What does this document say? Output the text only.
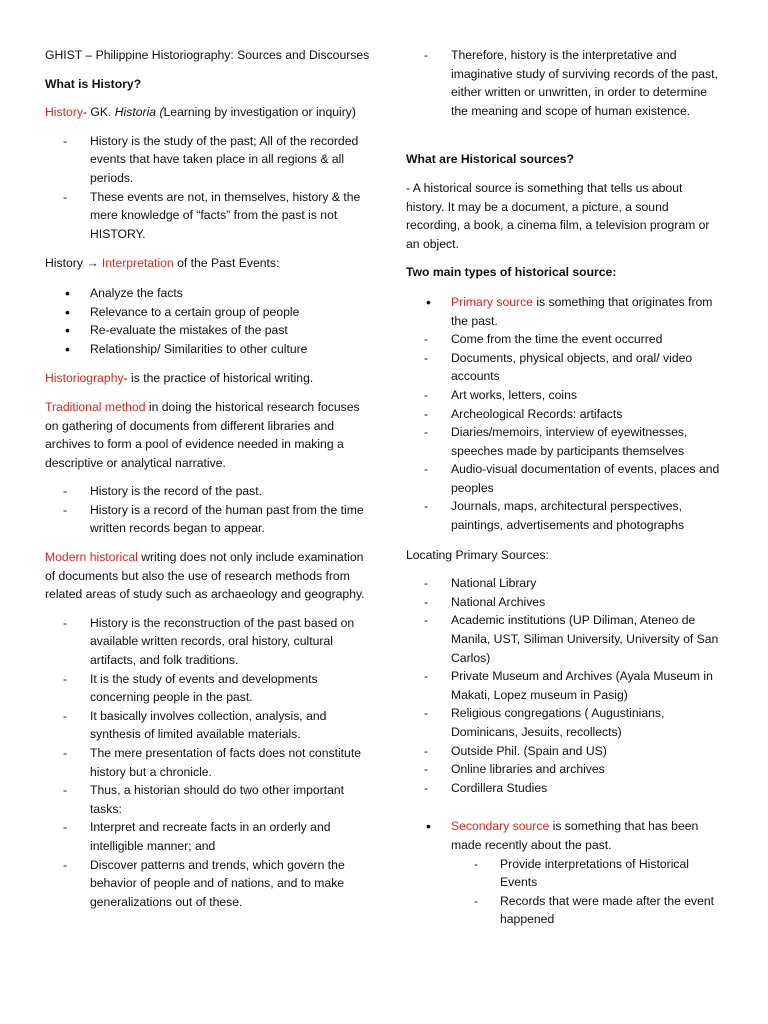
GHIST – Philippine Historiography: Sources and Discourses

What is History?

History- GK. Historia (Learning by investigation or inquiry)

- History is the study of the past; All of the recorded events that have taken place in all regions & all periods.
- These events are not, in themselves, history & the mere knowledge of “facts” from the past is not HISTORY.

History → Interpretation of the Past Events:

• Analyze the facts
• Relevance to a certain group of people
• Re-evaluate the mistakes of the past
• Relationship/ Similarities to other culture

Historiography- is the practice of historical writing.

Traditional method in doing the historical research focuses on gathering of documents from different libraries and archives to form a pool of evidence needed in making a descriptive or analytical narrative.

- History is the record of the past.
- History is a record of the human past from the time written records began to appear.

Modern historical writing does not only include examination of documents but also the use of research methods from related areas of study such as archaeology and geography.

- History is the reconstruction of the past based on available written records, oral history, cultural artifacts, and folk traditions.
- It is the study of events and developments concerning people in the past.
- It basically involves collection, analysis, and synthesis of limited available materials.
- The mere presentation of facts does not constitute history but a chronicle.
- Thus, a historian should do two other important tasks:
- Interpret and recreate facts in an orderly and intelligible manner; and
- Discover patterns and trends, which govern the behavior of people and of nations, and to make generalizations out of these.
- Therefore, history is the interpretative and imaginative study of surviving records of the past, either written or unwritten, in order to determine the meaning and scope of human existence.

What are Historical sources?

- A historical source is something that tells us about history. It may be a document, a picture, a sound recording, a book, a cinema film, a television program or an object.

Two main types of historical source:

• Primary source is something that originates from the past.
- Come from the time the event occurred
- Documents, physical objects, and oral/ video accounts
- Art works, letters, coins
- Archeological Records: artifacts
- Diaries/memoirs, interview of eyewitnesses, speeches made by participants themselves
- Audio-visual documentation of events, places and peoples
- Journals, maps, architectural perspectives, paintings, advertisements and photographs

Locating Primary Sources:

- National Library
- National Archives
- Academic institutions (UP Diliman, Ateneo de Manila, UST, Siliman University, University of San Carlos)
- Private Museum and Archives (Ayala Museum in Makati, Lopez museum in Pasig)
- Religious congregations ( Augustinians, Dominicans, Jesuits, recollects)
- Outside Phil. (Spain and US)
- Online libraries and archives
- Cordillera Studies
• Secondary source is something that has been made recently about the past.
- Provide interpretations of Historical Events
- Records that were made after the event happened
